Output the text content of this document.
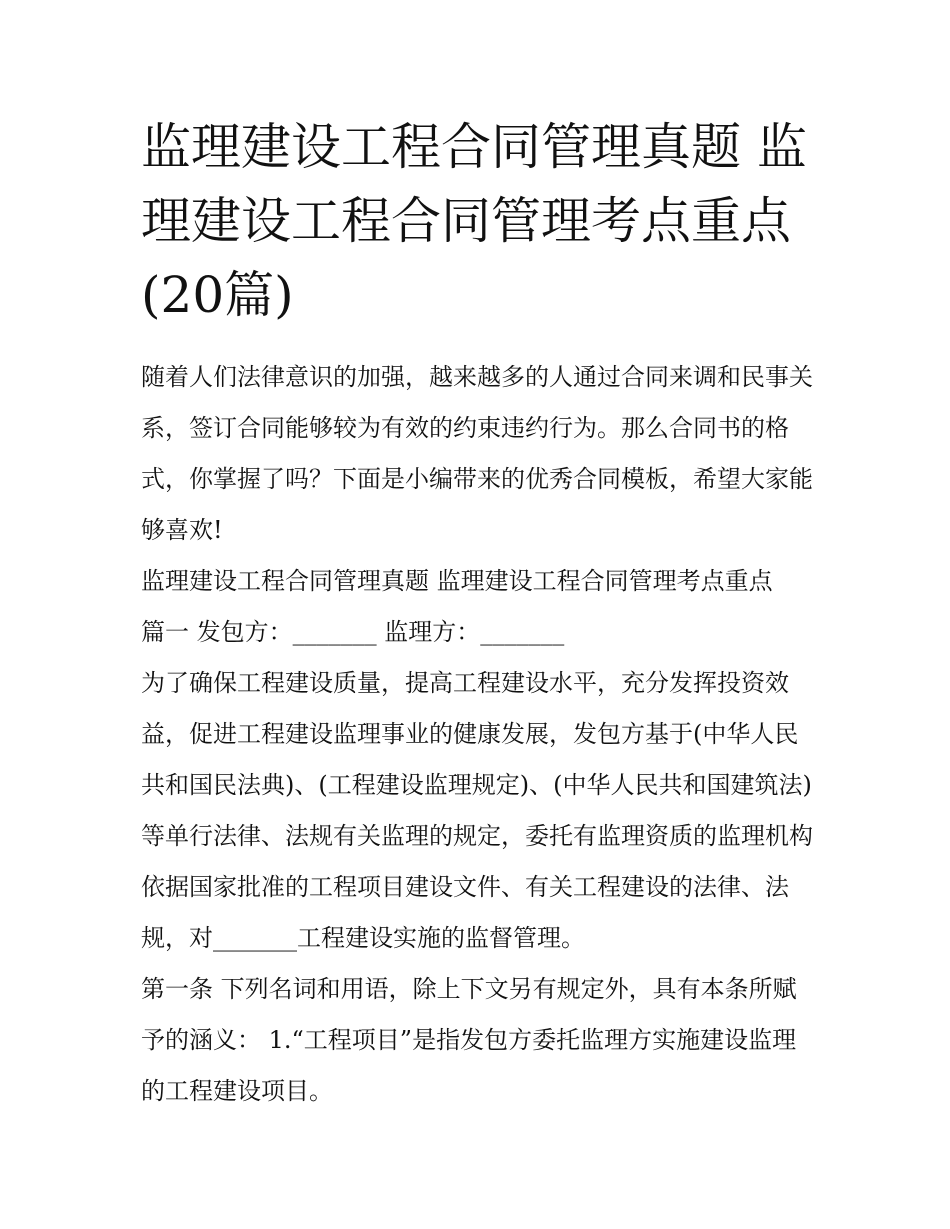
监理建设工程合同管理真题 监理建设工程合同管理考点重点(20篇)

随着人们法律意识的加强，越来越多的人通过合同来调和民事关系，签订合同能够较为有效的约束违约行为。那么合同书的格式，你掌握了吗？下面是小编带来的优秀合同模板，希望大家能够喜欢!

监理建设工程合同管理真题 监理建设工程合同管理考点重点

篇一 发包方：_______ 监理方：_______

为了确保工程建设质量，提高工程建设水平，充分发挥投资效益，促进工程建设监理事业的健康发展，发包方基于(中华人民共和国民法典)、(工程建设监理规定)、(中华人民共和国建筑法)等单行法律、法规有关监理的规定，委托有监理资质的监理机构依据国家批准的工程项目建设文件、有关工程建设的法律、法规，对_______工程建设实施的监督管理。

第一条 下列名词和用语，除上下文另有规定外，具有本条所赋予的涵义： 1.“工程项目”是指发包方委托监理方实施建设监理的工程建设项目。
